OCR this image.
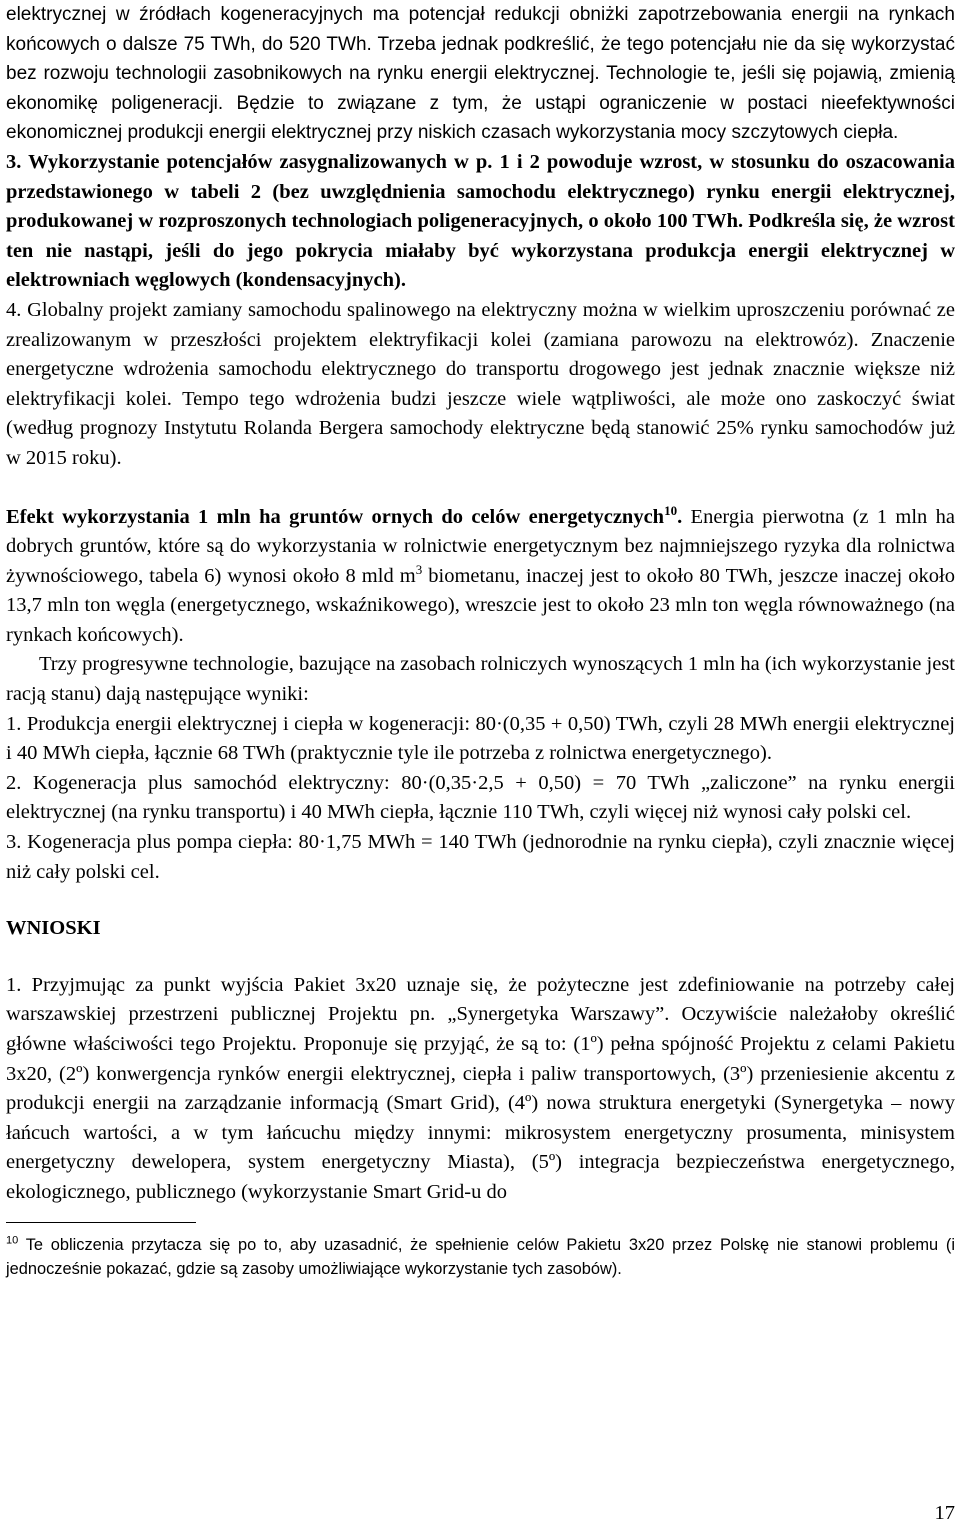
elektrycznej w źródłach kogeneracyjnych ma potencjał redukcji obniżki zapotrzebowania energii na rynkach końcowych o dalsze 75 TWh, do 520 TWh. Trzeba jednak podkreślić, że tego potencjału nie da się wykorzystać bez rozwoju technologii zasobnikowych na rynku energii elektrycznej. Technologie te, jeśli się pojawią, zmienią ekonomikę poligeneracji. Będzie to związane z tym, że ustąpi ograniczenie w postaci nieefektywności ekonomicznej produkcji energii elektrycznej przy niskich czasach wykorzystania mocy szczytowych ciepła.

3. Wykorzystanie potencjałów zasygnalizowanych w p. 1 i 2 powoduje wzrost, w stosunku do oszacowania przedstawionego w tabeli 2 (bez uwzględnienia samochodu elektrycznego) rynku energii elektrycznej, produkowanej w rozproszonych technologiach poligeneracyjnych, o około 100 TWh. Podkreśla się, że wzrost ten nie nastąpi, jeśli do jego pokrycia miałaby być wykorzystana produkcja energii elektrycznej w elektrowniach węglowych (kondensacyjnych).

4. Globalny projekt zamiany samochodu spalinowego na elektryczny można w wielkim uproszczeniu porównać ze zrealizowanym w przeszłości projektem elektryfikacji kolei (zamiana parowozu na elektrowóz). Znaczenie energetyczne wdrożenia samochodu elektrycznego do transportu drogowego jest jednak znacznie większe niż elektryfikacji kolei. Tempo tego wdrożenia budzi jeszcze wiele wątpliwości, ale może ono zaskoczyć świat (według prognozy Instytutu Rolanda Bergera samochody elektryczne będą stanowić 25% rynku samochodów już w 2015 roku).

Efekt wykorzystania 1 mln ha gruntów ornych do celów energetycznych$^{10}$. Energia pierwotna (z 1 mln ha dobrych gruntów, które są do wykorzystania w rolnictwie energetycznym bez najmniejszego ryzyka dla rolnictwa żywnościowego, tabela 6) wynosi około 8 mld $m^3$ biometanu, inaczej jest to około 80 TWh, jeszcze inaczej około 13,7 mln ton węgla (energetycznego, wskaźnikowego), wreszcie jest to około 23 mln ton węgla równoważnego (na rynkach końcowych).

Trzy progresywne technologie, bazujące na zasobach rolniczych wynoszących 1 mln ha (ich wykorzystanie jest racją stanu) dają następujące wyniki:

1. Produkcja energii elektrycznej i ciepła w kogeneracji: 80·(0,35 + 0,50) TWh, czyli 28 MWh energii elektrycznej i 40 MWh ciepła, łącznie 68 TWh (praktycznie tyle ile potrzeba z rolnictwa energetycznego).

2. Kogeneracja plus samochód elektryczny: 80·(0,35·2,5 + 0,50) = 70 TWh „zaliczone” na rynku energii elektrycznej (na rynku transportu) i 40 MWh ciepła, łącznie 110 TWh, czyli więcej niż wynosi cały polski cel.

3. Kogeneracja plus pompa ciepła: 80·1,75 MWh = 140 TWh (jednorodnie na rynku ciepła), czyli znacznie więcej niż cały polski cel.

WNIOSKI

1. Przyjmując za punkt wyjścia Pakiet 3x20 uznaje się, że pożyteczne jest zdefiniowanie na potrzeby całej warszawskiej przestrzeni publicznej Projektu pn. „Synergetyka Warszawy”. Oczywiście należałoby określić główne właściwości tego Projektu. Proponuje się przyjąć, że są to: (1º) pełna spójność Projektu z celami Pakietu 3x20, (2º) konwergencja rynków energii elektrycznej, ciepła i paliw transportowych, (3º) przeniesienie akcentu z produkcji energii na zarządzanie informacją (Smart Grid), (4º) nowa struktura energetyki (Synergetyka – nowy łańcuch wartości, a w tym łańcuchu między innymi: mikrosystem energetyczny prosumenta, minisystem energetyczny dewelopera, system energetyczny Miasta), (5º) integracja bezpieczeństwa energetycznego, ekologicznego, publicznego (wykorzystanie Smart Grid-u do

$^{10}$ Te obliczenia przytacza się po to, aby uzasadnić, że spełnienie celów Pakietu 3x20 przez Polskę nie stanowi problemu (i jednocześnie pokazać, gdzie są zasoby umożliwiające wykorzystanie tych zasobów).

17
